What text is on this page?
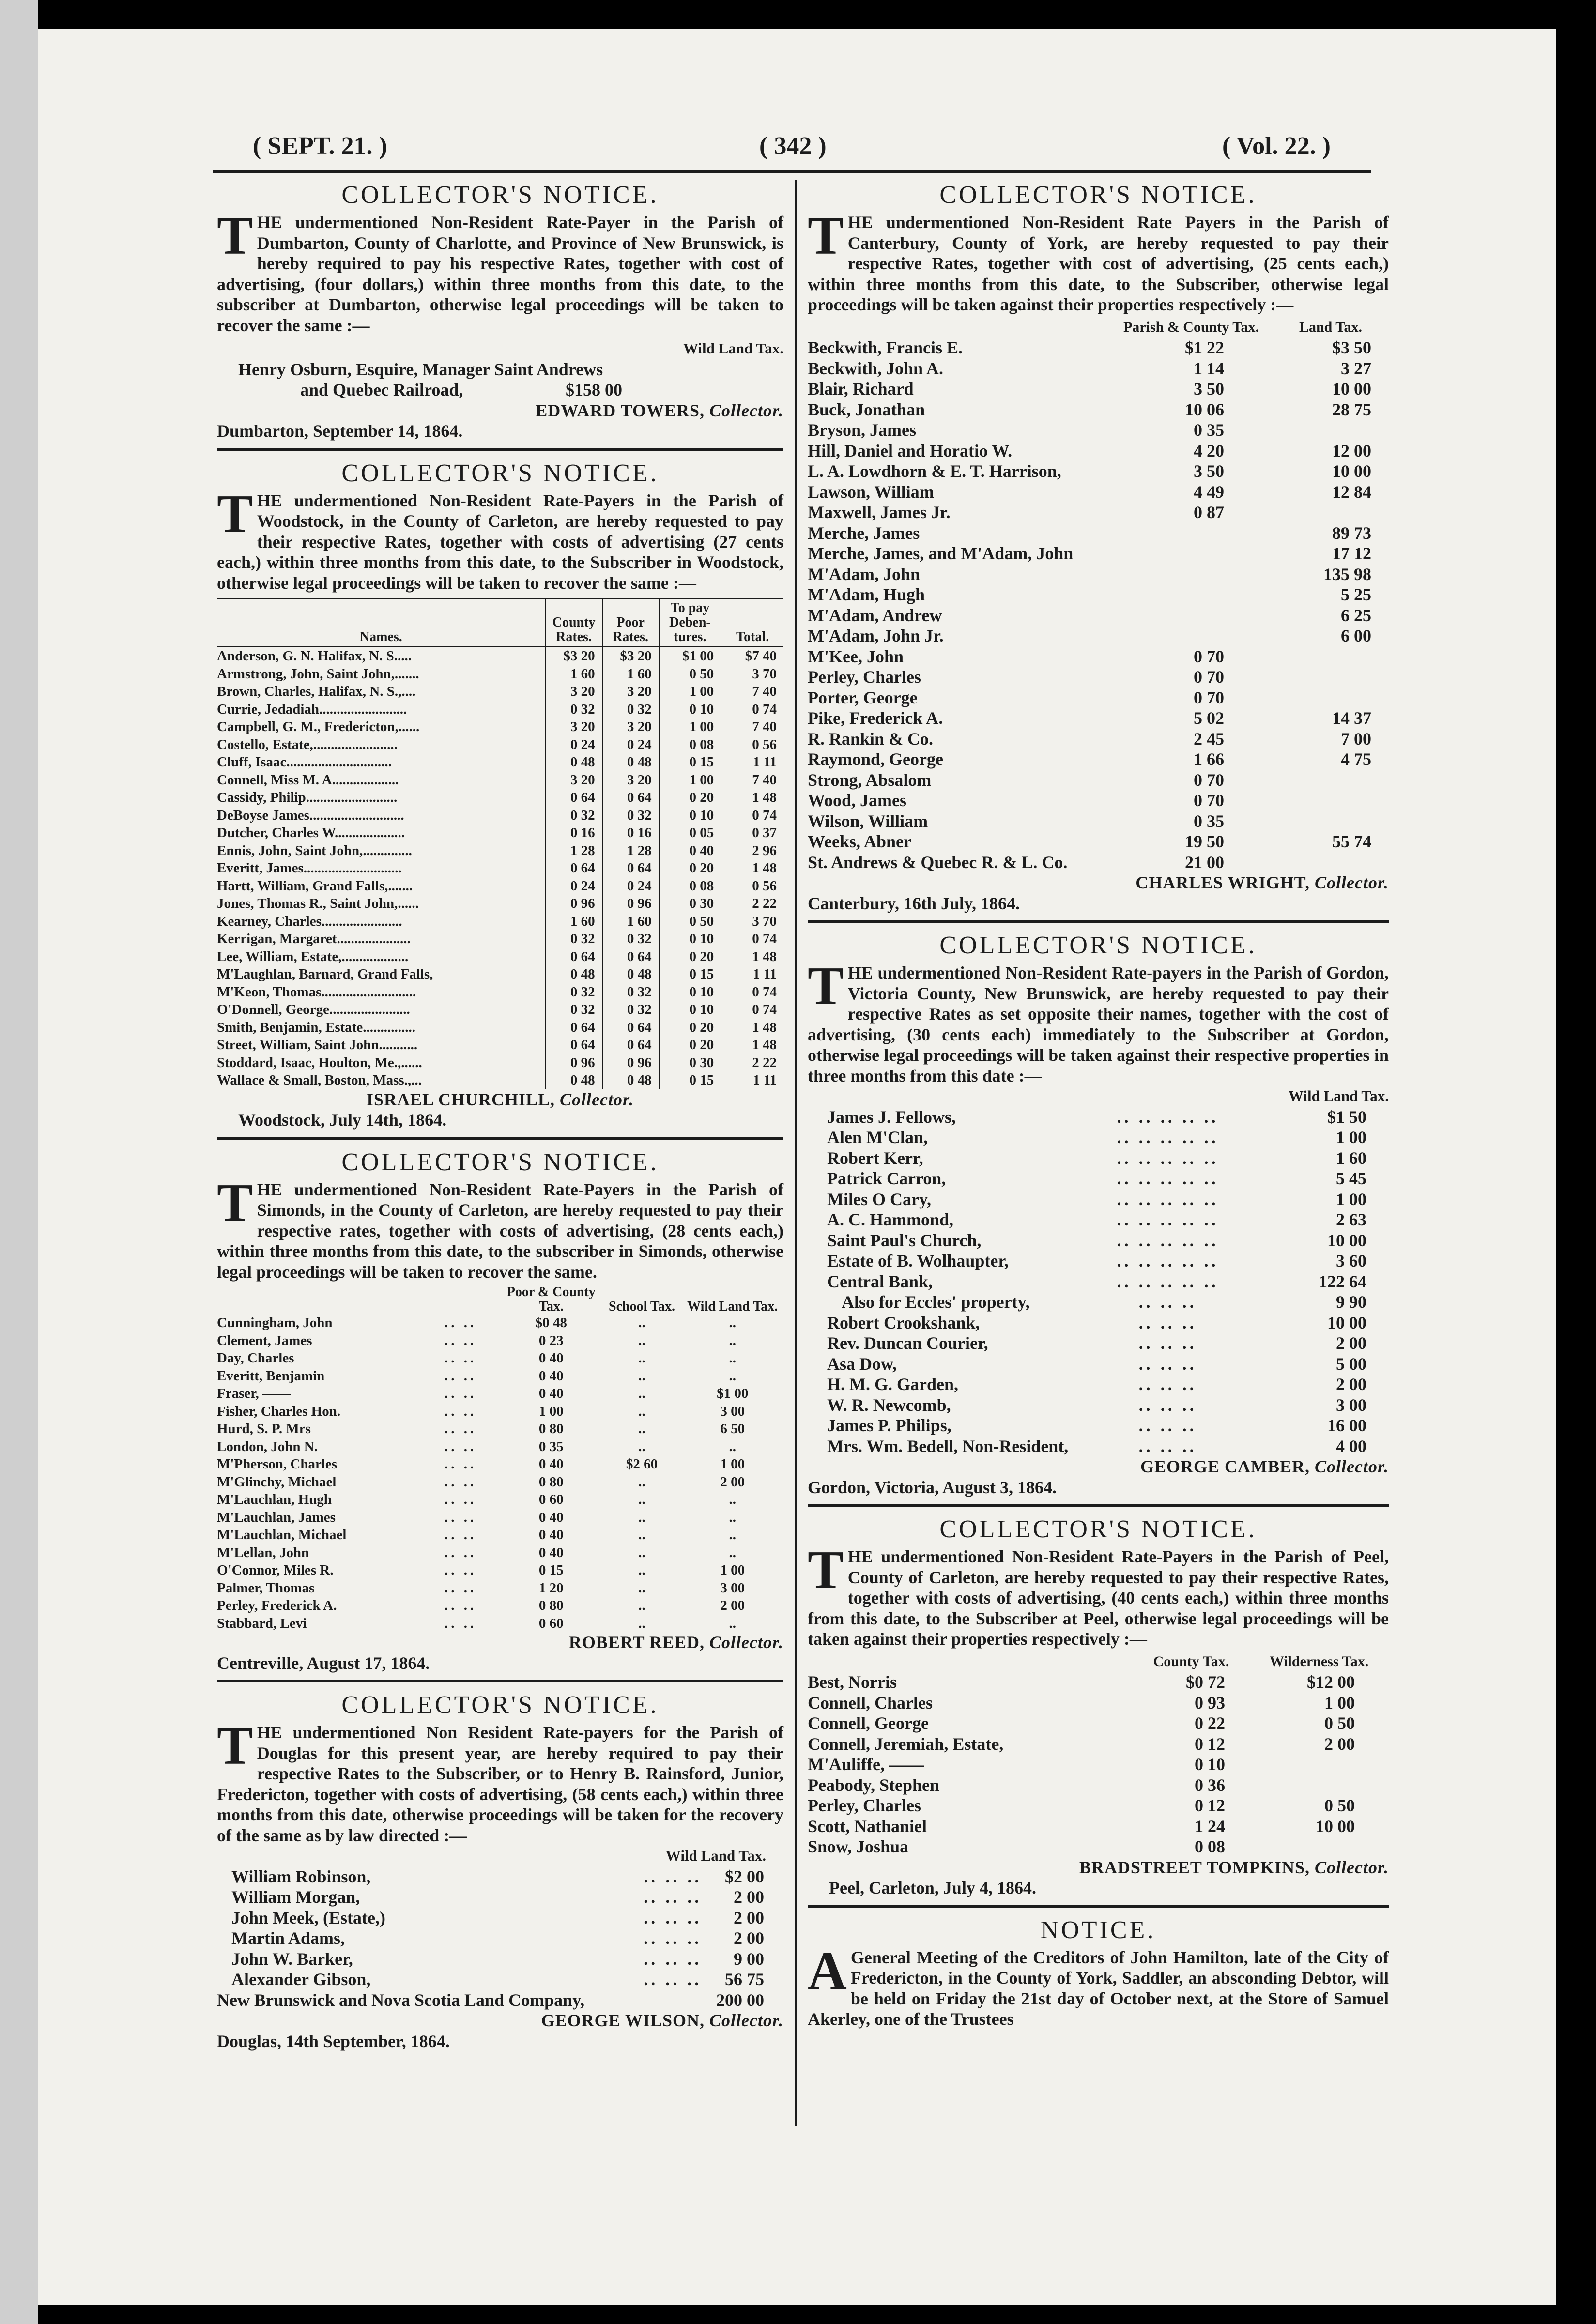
( SEPT. 21. )	( 342 )	( Vol. 22. )
COLLECTOR'S NOTICE.
THE undermentioned Non-Resident Rate-Payer in the Parish of Dumbarton, County of Charlotte, and Province of New Brunswick, is hereby required to pay his respective Rates, together with cost of advertising, (four dollars,) within three months from this date, to the subscriber at Dumbarton, otherwise legal proceedings will be taken to recover the same :—
Wild Land Tax.
Henry Osburn, Esquire, Manager Saint Andrews
and Quebec Railroad,	$158 00
EDWARD TOWERS, Collector.
Dumbarton, September 14, 1864.
COLLECTOR'S NOTICE.
THE undermentioned Non-Resident Rate-Payers in the Parish of Woodstock, in the County of Carleton, are hereby requested to pay their respective Rates, together with costs of advertising (27 cents each,) within three months from this date, to the Subscriber in Woodstock, otherwise legal proceedings will be taken to recover the same :—
Names.	County Rates.	Poor Rates.	To pay Deben- tures.	Total.
Anderson, G. N. Halifax, N. S.....	$3 20	$3 20	$1 00	$7 40
Armstrong, John, Saint John,.......	1 60	1 60	0 50	3 70
Brown, Charles, Halifax, N. S.,....	3 20	3 20	1 00	7 40
Currie, Jedadiah.........................	0 32	0 32	0 10	0 74
Campbell, G. M., Fredericton,......	3 20	3 20	1 00	7 40
Costello, Estate,........................	0 24	0 24	0 08	0 56
Cluff, Isaac..............................	0 48	0 48	0 15	1 11
Connell, Miss M. A...................	3 20	3 20	1 00	7 40
Cassidy, Philip..........................	0 64	0 64	0 20	1 48
DeBoyse James...........................	0 32	0 32	0 10	0 74
Dutcher, Charles W....................	0 16	0 16	0 05	0 37
Ennis, John, Saint John,..............	1 28	1 28	0 40	2 96
Everitt, James............................	0 64	0 64	0 20	1 48
Hartt, William, Grand Falls,.......	0 24	0 24	0 08	0 56
Jones, Thomas R., Saint John,......	0 96	0 96	0 30	2 22
Kearney, Charles.......................	1 60	1 60	0 50	3 70
Kerrigan, Margaret.....................	0 32	0 32	0 10	0 74
Lee, William, Estate,...................	0 64	0 64	0 20	1 48
M'Laughlan, Barnard, Grand Falls,	0 48	0 48	0 15	1 11
M'Keon, Thomas...........................	0 32	0 32	0 10	0 74
O'Donnell, George.......................	0 32	0 32	0 10	0 74
Smith, Benjamin, Estate...............	0 64	0 64	0 20	1 48
Street, William, Saint John...........	0 64	0 64	0 20	1 48
Stoddard, Isaac, Houlton, Me.,......	0 96	0 96	0 30	2 22
Wallace & Small, Boston, Mass.,...	0 48	0 48	0 15	1 11
ISRAEL CHURCHILL, Collector.
Woodstock, July 14th, 1864.
COLLECTOR'S NOTICE.
THE undermentioned Non-Resident Rate-Payers in the Parish of Simonds, in the County of Carleton, are hereby requested to pay their respective rates, together with costs of advertising, (28 cents each,) within three months from this date, to the subscriber in Simonds, otherwise legal proceedings will be taken to recover the same.
		Poor & County Tax.	School Tax.	Wild Land Tax.
Cunningham, John	.. ..	$0 48	..	..
Clement, James	.. ..	0 23	..	..
Day, Charles	.. ..	0 40	..	..
Everitt, Benjamin	.. ..	0 40	..	..
Fraser, ——	.. ..	0 40	..	$1 00
Fisher, Charles Hon.	.. ..	1 00	..	3 00
Hurd, S. P. Mrs	.. ..	0 80	..	6 50
London, John N.	.. ..	0 35	..	..
M'Pherson, Charles	.. ..	0 40	$2 60	1 00
M'Glinchy, Michael	.. ..	0 80	..	2 00
M'Lauchlan, Hugh	.. ..	0 60	..	..
M'Lauchlan, James	.. ..	0 40	..	..
M'Lauchlan, Michael	.. ..	0 40	..	..
M'Lellan, John	.. ..	0 40	..	..
O'Connor, Miles R.	.. ..	0 15	..	1 00
Palmer, Thomas	.. ..	1 20	..	3 00
Perley, Frederick A.	.. ..	0 80	..	2 00
Stabbard, Levi	.. ..	0 60	..	..
ROBERT REED, Collector.
Centreville, August 17, 1864.
COLLECTOR'S NOTICE.
THE undermentioned Non Resident Rate-payers for the Parish of Douglas for this present year, are hereby required to pay their respective Rates to the Subscriber, or to Henry B. Rainsford, Junior, Fredericton, together with costs of advertising, (58 cents each,) within three months from this date, otherwise proceedings will be taken for the recovery of the same as by law directed :—
Wild Land Tax.
William Robinson,	.. .. ..	$2 00
William Morgan,	.. .. ..	2 00
John Meek, (Estate,)	.. .. ..	2 00
Martin Adams,	.. .. ..	2 00
John W. Barker,	.. .. ..	9 00
Alexander Gibson,	.. .. ..	56 75
New Brunswick and Nova Scotia Land Company,		200 00
GEORGE WILSON, Collector.
Douglas, 14th September, 1864.
COLLECTOR'S NOTICE.
THE undermentioned Non-Resident Rate Payers in the Parish of Canterbury, County of York, are hereby requested to pay their respective Rates, together with cost of advertising, (25 cents each,) within three months from this date, to the Subscriber, otherwise legal proceedings will be taken against their properties respectively :—
	Parish & County Tax.	Land Tax.
Beckwith, Francis E.	$1 22	$3 50
Beckwith, John A.	1 14	3 27
Blair, Richard	3 50	10 00
Buck, Jonathan	10 06	28 75
Bryson, James	0 35	
Hill, Daniel and Horatio W.	4 20	12 00
L. A. Lowdhorn & E. T. Harrison,	3 50	10 00
Lawson, William	4 49	12 84
Maxwell, James Jr.	0 87	
Merche, James		89 73
Merche, James, and M'Adam, John		17 12
M'Adam, John		135 98
M'Adam, Hugh		5 25
M'Adam, Andrew		6 25
M'Adam, John Jr.		6 00
M'Kee, John	0 70	
Perley, Charles	0 70	
Porter, George	0 70	
Pike, Frederick A.	5 02	14 37
R. Rankin & Co.	2 45	7 00
Raymond, George	1 66	4 75
Strong, Absalom	0 70	
Wood, James	0 70	
Wilson, William	0 35	
Weeks, Abner	19 50	55 74
St. Andrews & Quebec R. & L. Co.	21 00	
CHARLES WRIGHT, Collector.
Canterbury, 16th July, 1864.
COLLECTOR'S NOTICE.
THE undermentioned Non-Resident Rate-payers in the Parish of Gordon, Victoria County, New Brunswick, are hereby requested to pay their respective Rates as set opposite their names, together with the cost of advertising, (30 cents each) immediately to the Subscriber at Gordon, otherwise legal proceedings will be taken against their respective properties in three months from this date :—
Wild Land Tax.
James J. Fellows,	.. .. .. .. ..	$1 50
Alen M'Clan,	.. .. .. .. ..	1 00
Robert Kerr,	.. .. .. .. ..	1 60
Patrick Carron,	.. .. .. .. ..	5 45
Miles O Cary,	.. .. .. .. ..	1 00
A. C. Hammond,	.. .. .. .. ..	2 63
Saint Paul's Church,	.. .. .. .. ..	10 00
Estate of B. Wolhaupter,	.. .. .. .. ..	3 60
Central Bank,	.. .. .. .. ..	122 64
Also for Eccles' property,	.. .. ..	9 90
Robert Crookshank,	.. .. ..	10 00
Rev. Duncan Courier,	.. .. ..	2 00
Asa Dow,	.. .. ..	5 00
H. M. G. Garden,	.. .. ..	2 00
W. R. Newcomb,	.. .. ..	3 00
James P. Philips,	.. .. ..	16 00
Mrs. Wm. Bedell, Non-Resident,	.. .. ..	4 00
GEORGE CAMBER, Collector.
Gordon, Victoria, August 3, 1864.
COLLECTOR'S NOTICE.
THE undermentioned Non-Resident Rate-Payers in the Parish of Peel, County of Carleton, are hereby requested to pay their respective Rates, together with costs of advertising, (40 cents each,) within three months from this date, to the Subscriber at Peel, otherwise legal proceedings will be taken against their properties respectively :—
	County Tax.	Wilderness Tax.
Best, Norris	$0 72	$12 00
Connell, Charles	0 93	1 00
Connell, George	0 22	0 50
Connell, Jeremiah, Estate,	0 12	2 00
M'Auliffe, ——	0 10	
Peabody, Stephen	0 36	
Perley, Charles	0 12	0 50
Scott, Nathaniel	1 24	10 00
Snow, Joshua	0 08	
BRADSTREET TOMPKINS, Collector.
Peel, Carleton, July 4, 1864.
NOTICE.
A General Meeting of the Creditors of John Hamilton, late of the City of Fredericton, in the County of York, Saddler, an absconding Debtor, will be held on Friday the 21st day of October next, at the Store of Samuel Akerley, one of the Trustees
